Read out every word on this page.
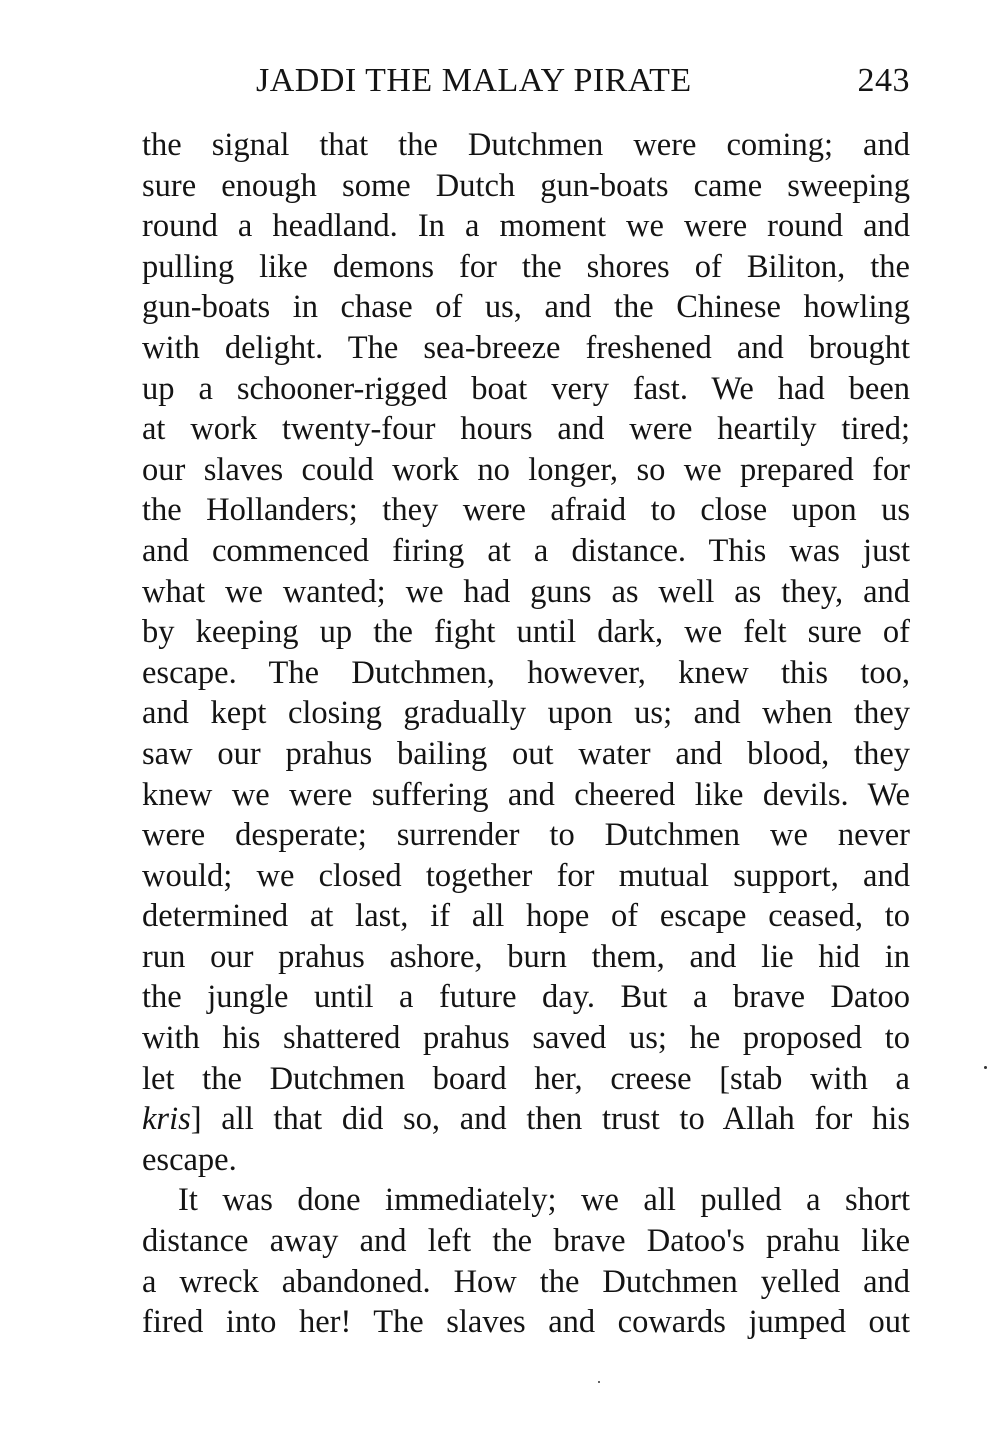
JADDI THE MALAY PIRATE	243
the signal that the Dutchmen were coming; and
sure enough some Dutch gun-boats came sweeping
round a headland. In a moment we were round and
pulling like demons for the shores of Biliton, the
gun-boats in chase of us, and the Chinese howling
with delight. The sea-breeze freshened and brought
up a schooner-rigged boat very fast. We had been
at work twenty-four hours and were heartily tired;
our slaves could work no longer, so we prepared for
the Hollanders; they were afraid to close upon us
and commenced firing at a distance. This was just
what we wanted; we had guns as well as they, and
by keeping up the fight until dark, we felt sure of
escape. The Dutchmen, however, knew this too,
and kept closing gradually upon us; and when they
saw our prahus bailing out water and blood, they
knew we were suffering and cheered like devils. We
were desperate; surrender to Dutchmen we never
would; we closed together for mutual support, and
determined at last, if all hope of escape ceased, to
run our prahus ashore, burn them, and lie hid in
the jungle until a future day. But a brave Datoo
with his shattered prahus saved us; he proposed to
let the Dutchmen board her, creese [stab with a
kris] all that did so, and then trust to Allah for his
escape.
It was done immediately; we all pulled a short
distance away and left the brave Datoo's prahu like
a wreck abandoned. How the Dutchmen yelled and
fired into her! The slaves and cowards jumped out
